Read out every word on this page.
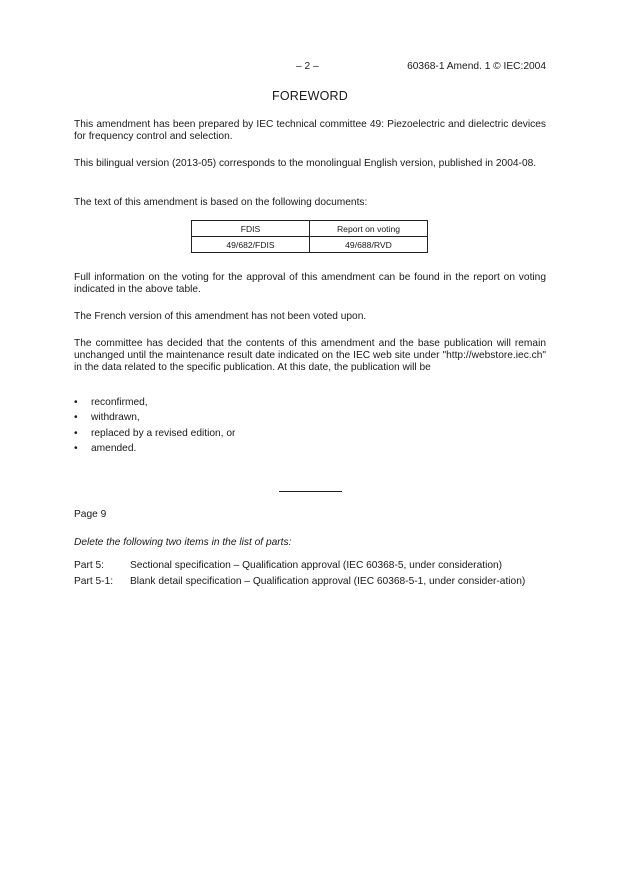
– 2 –	60368-1 Amend. 1 © IEC:2004
FOREWORD
This amendment has been prepared by IEC technical committee 49: Piezoelectric and dielectric devices for frequency control and selection.
This bilingual version (2013-05) corresponds to the monolingual English version, published in 2004-08.
The text of this amendment is based on the following documents:
FDIS	Report on voting
49/682/FDIS	49/688/RVD
Full information on the voting for the approval of this amendment can be found in the report on voting indicated in the above table.
The French version of this amendment has not been voted upon.
The committee has decided that the contents of this amendment and the base publication will remain unchanged until the maintenance result date indicated on the IEC web site under "http://webstore.iec.ch" in the data related to the specific publication. At this date, the publication will be
• reconfirmed,
• withdrawn,
• replaced by a revised edition, or
• amended.
Page 9
Delete the following two items in the list of parts:
Part 5:	Sectional specification – Qualification approval (IEC 60368-5, under consideration)
Part 5-1: Blank detail specification – Qualification approval (IEC 60368-5-1, under consider-ation)
